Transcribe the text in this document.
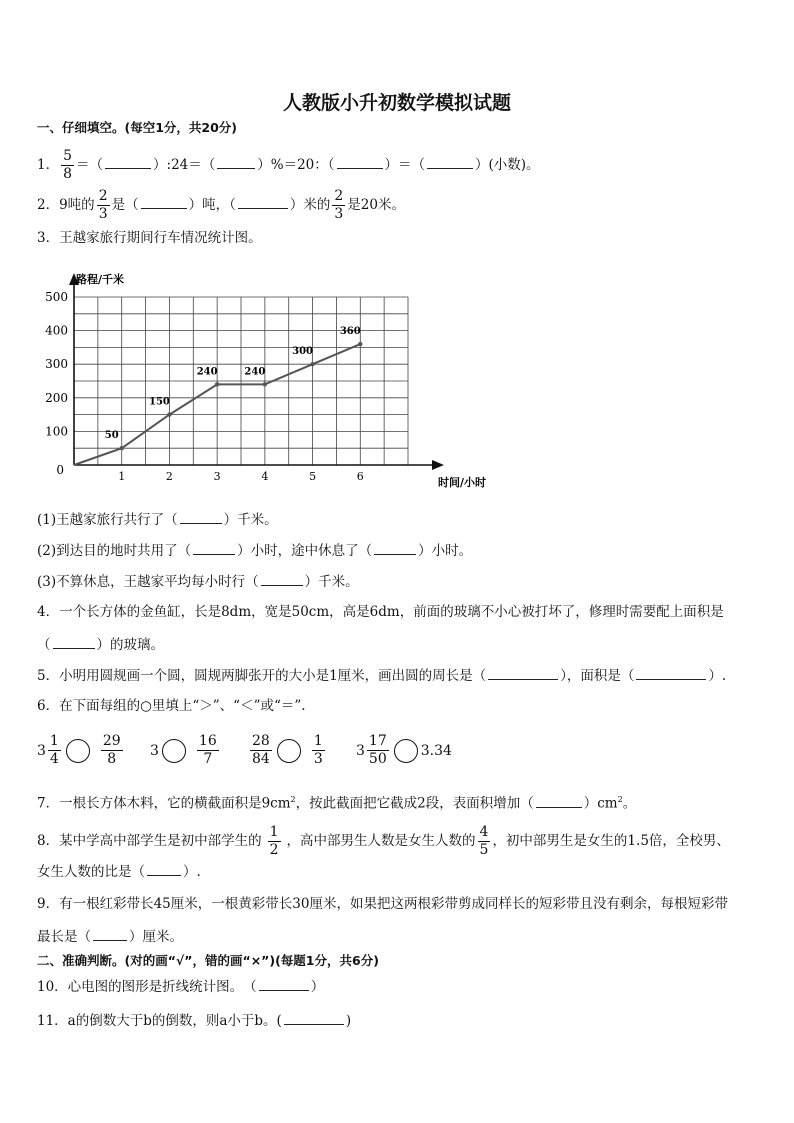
人教版小升初数学模拟试题
一、仔细填空。(每空1分，共20分)
1． $\frac{5}{8}$ ＝（	）:24＝（	）%＝20：（	）＝（	）(小数)。
2．9吨的 $\frac{2}{3}$ 是（	）吨，（	）米的 $\frac{2}{3}$ 是20米。
3．王越家旅行期间行车情况统计图。
0
100
200
300
400
500
1	2	3	4	5	6
路程/千米
时间/小时
50
150
240	240
300
360
(1)王越家旅行共行了（	）千米。
(2)到达目的地时共用了（	）小时，途中休息了（	）小时。
(3)不算休息，王越家平均每小时行（	）千米。
4．一个长方体的金鱼缸，长是8dm，宽是50cm，高是6dm，前面的玻璃不小心被打坏了，修理时需要配上面积是
（	）的玻璃。
5．小明用圆规画一个圆，圆规两脚张开的大小是1厘米，画出圆的周长是（	），面积是（	）.
6．在下面每组的○里填上“＞”、“＜”或“＝”.
$3 \frac{1}{4}$	$\frac{29}{8} 3$	$\frac{16}{7} \frac{28}{84}$	$\frac{1}{3} 3 \frac{17}{50} 3.34$
7．一根长方体木料，它的横截面积是$9cm^2$，按此截面把它截成2段，表面积增加（	）$cm^2$。
8．某中学高中部学生是初中部学生的 $\frac{1}{2}$ ，高中部男生人数是女生人数的 $\frac{4}{5}$ ，初中部男生是女生的1.5倍，全校男、
女生人数的比是（	）.
9．有一根红彩带长45厘米，一根黄彩带长30厘米，如果把这两根彩带剪成同样长的短彩带且没有剩余，每根短彩带
最长是（	）厘米。
二、准确判断。(对的画“√”，错的画“×”)(每题1分，共6分)
10．心电图的图形是折线统计图。　（	）
11．a的倒数大于b的倒数，则a小于b。(	)
